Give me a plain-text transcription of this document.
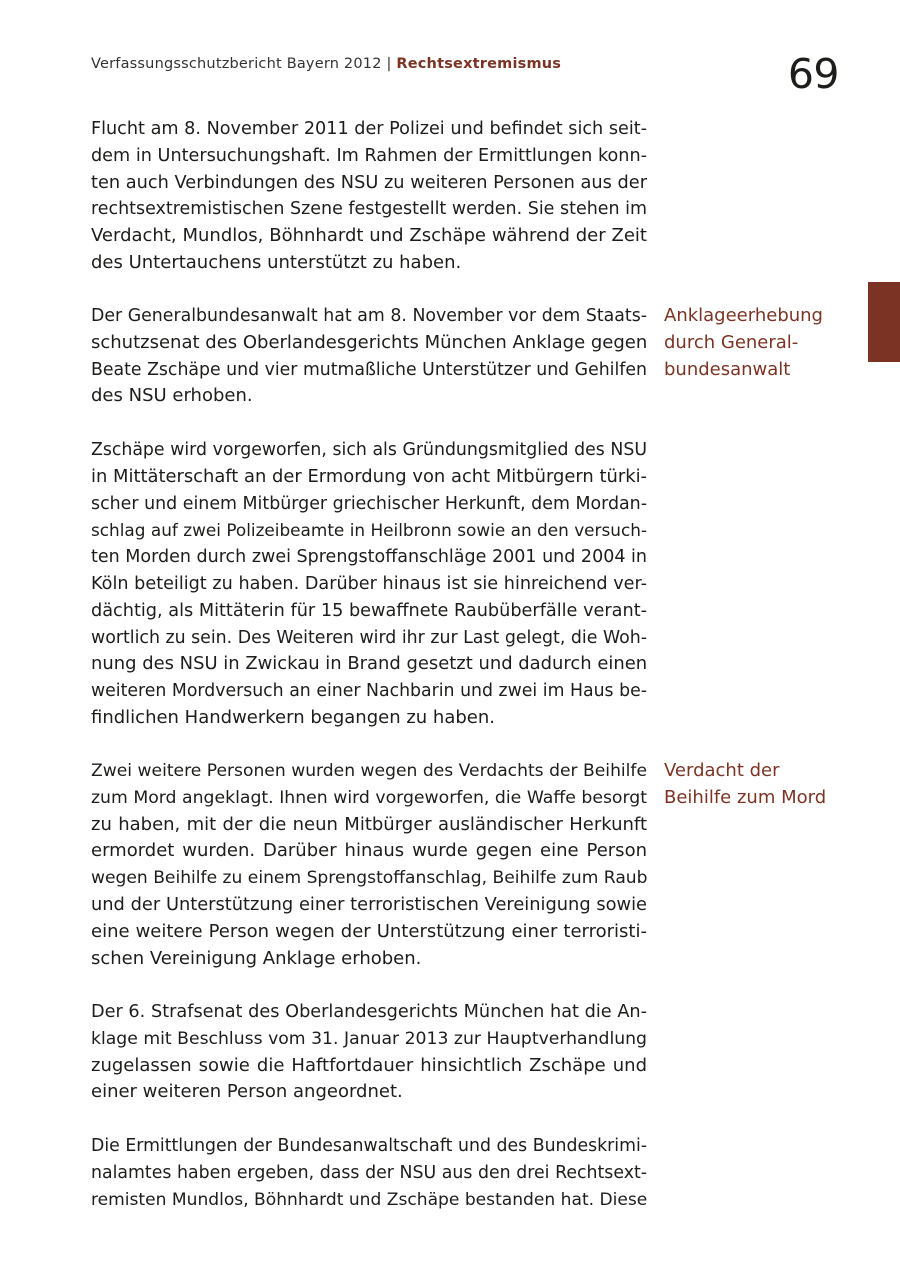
Verfassungsschutzbericht Bayern 2012 | Rechtsextremismus	69
Anklageerhebung
durch General-
bundesanwalt
Verdacht der
Beihilfe zum Mord
Flucht am 8. November 2011 der Polizei und befindet sich seit-
dem in Untersuchungshaft. Im Rahmen der Ermittlungen konn-
ten auch Verbindungen des NSU zu weiteren Personen aus der
rechtsextremistischen Szene festgestellt werden. Sie stehen im
Verdacht, Mundlos, Böhnhardt und Zschäpe während der Zeit
des Untertauchens unterstützt zu haben.
Der Generalbundesanwalt hat am 8. November vor dem Staats-
schutzsenat des Oberlandesgerichts München Anklage gegen
Beate Zschäpe und vier mutmaßliche Unterstützer und Gehilfen
des NSU erhoben.
Zschäpe wird vorgeworfen, sich als Gründungsmitglied des NSU
in Mittäterschaft an der Ermordung von acht Mitbürgern türki-
scher und einem Mitbürger griechischer Herkunft, dem Mordan-
schlag auf zwei Polizeibeamte in Heilbronn sowie an den versuch-
ten Morden durch zwei Sprengstoffanschläge 2001 und 2004 in
Köln beteiligt zu haben. Darüber hinaus ist sie hinreichend ver-
dächtig, als Mittäterin für 15 bewaffnete Raubüberfälle verant-
wortlich zu sein. Des Weiteren wird ihr zur Last gelegt, die Woh-
nung des NSU in Zwickau in Brand gesetzt und dadurch einen
weiteren Mordversuch an einer Nachbarin und zwei im Haus be-
findlichen Handwerkern begangen zu haben.
Zwei weitere Personen wurden wegen des Verdachts der Beihilfe
zum Mord angeklagt. Ihnen wird vorgeworfen, die Waffe besorgt
zu haben, mit der die neun Mitbürger ausländischer Herkunft
ermordet wurden. Darüber hinaus wurde gegen eine Person
wegen Beihilfe zu einem Sprengstoffanschlag, Beihilfe zum Raub
und der Unterstützung einer terroristischen Vereinigung sowie
eine weitere Person wegen der Unterstützung einer terroristi-
schen Vereinigung Anklage erhoben.
Der 6. Strafsenat des Oberlandesgerichts München hat die An-
klage mit Beschluss vom 31. Januar 2013 zur Hauptverhandlung
zugelassen sowie die Haftfortdauer hinsichtlich Zschäpe und
einer weiteren Person angeordnet.
Die Ermittlungen der Bundesanwaltschaft und des Bundeskrimi-
nalamtes haben ergeben, dass der NSU aus den drei Rechtsext-
remisten Mundlos, Böhnhardt und Zschäpe bestanden hat. Diese
